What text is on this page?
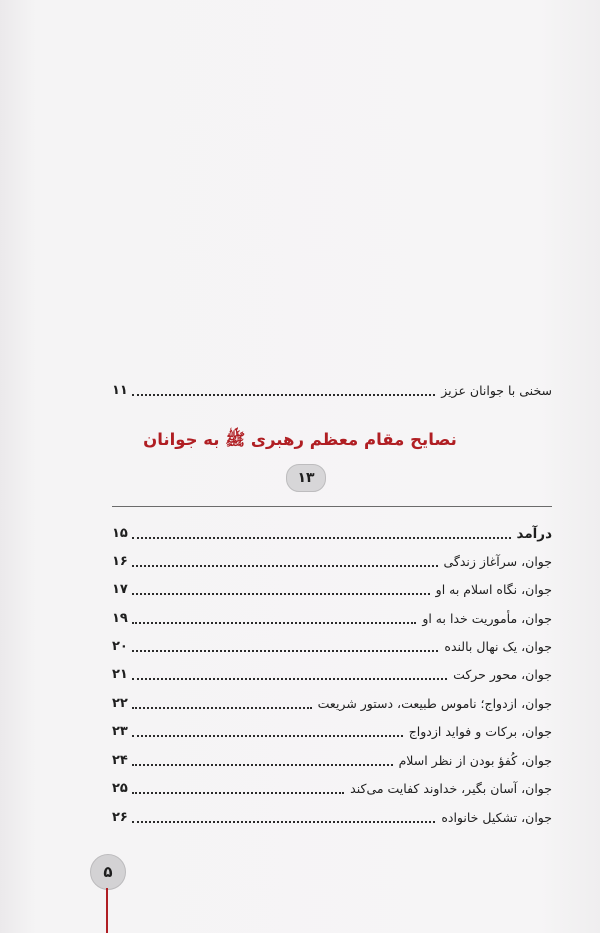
سخنی با جوانان عزیز
۱۱
نصایح مقام معظم رهبری ﷺ به جوانان
۱۳
درآمد
۱۵
جوان، سرآغاز زندگی
۱۶
جوان، نگاه اسلام به او
۱۷
جوان، مأموریت خدا به او
۱۹
جوان، یک نهال بالنده
۲۰
جوان، محور حرکت
۲۱
جوان، ازدواج؛ ناموس طبیعت، دستور شریعت
۲۲
جوان، برکات و فواید ازدواج
۲۳
جوان، کُفؤ بودن از نظر اسلام
۲۴
جوان، آسان بگیر، خداوند کفایت می‌کند
۲۵
جوان، تشکیل خانواده
۲۶
۵
